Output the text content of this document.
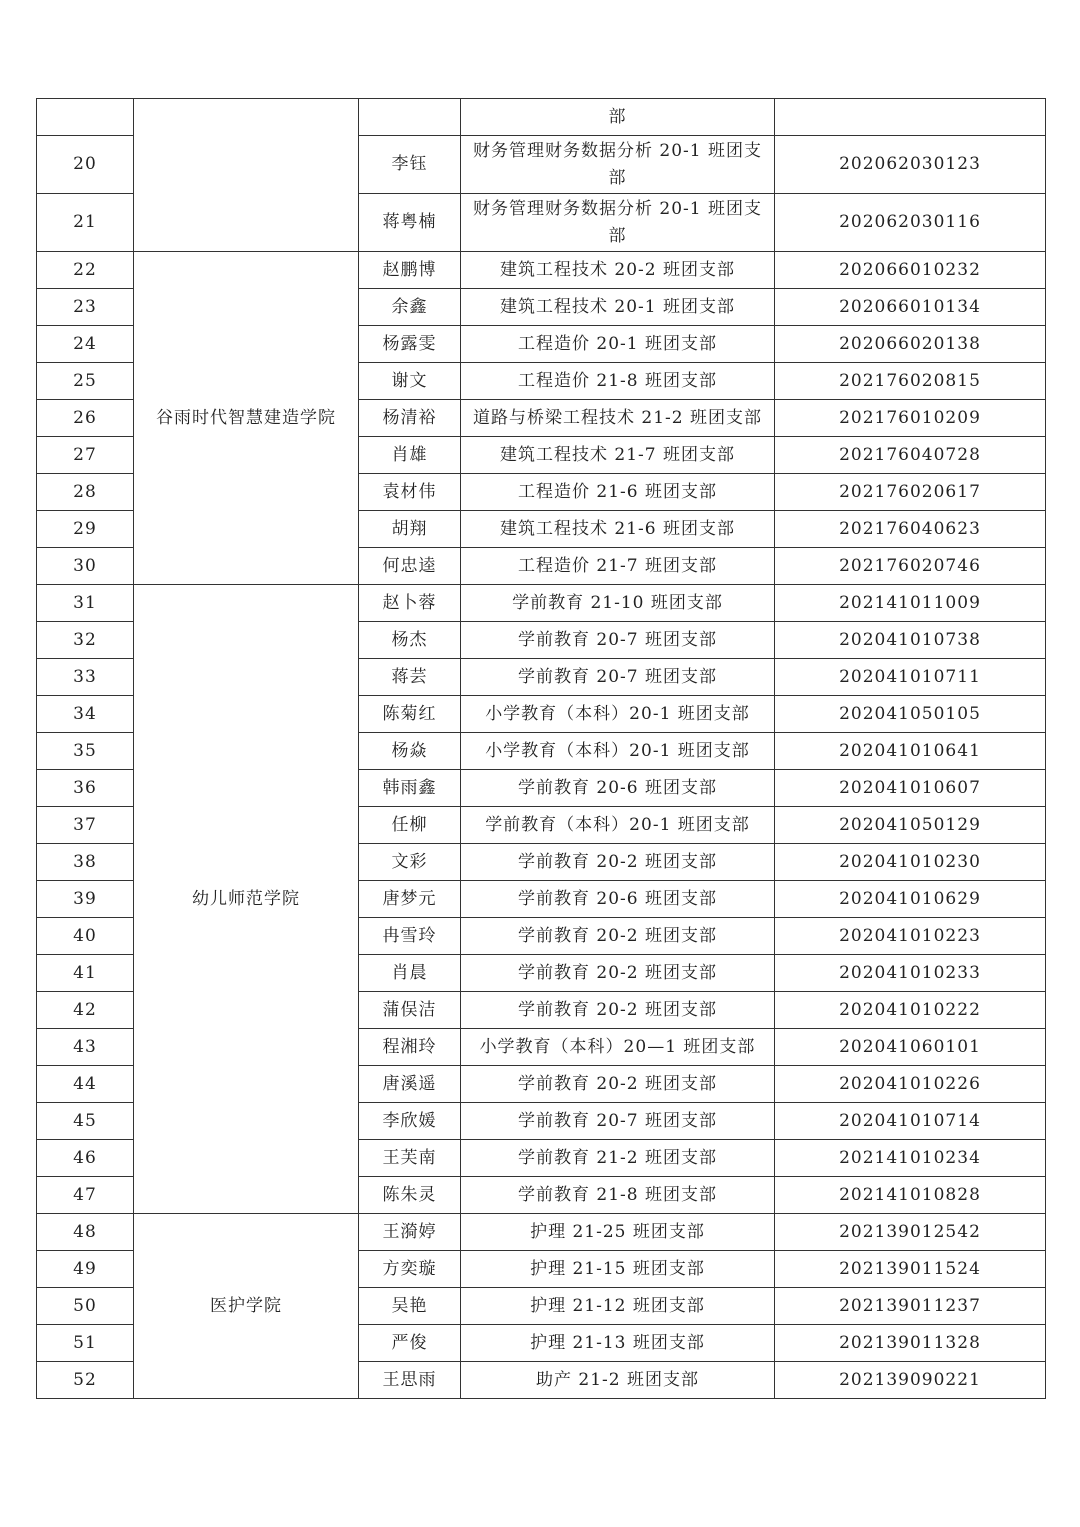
			部	
20		李钰	财务管理财务数据分析 20-1 班团支部	202062030123
21		蒋粤楠	财务管理财务数据分析 20-1 班团支部	202062030116
22	谷雨时代智慧建造学院	赵鹏博	建筑工程技术 20-2 班团支部	202066010232
23		余鑫	建筑工程技术 20-1 班团支部	202066010134
24		杨露雯	工程造价 20-1 班团支部	202066020138
25		谢文	工程造价 21-8 班团支部	202176020815
26		杨清裕	道路与桥梁工程技术 21-2 班团支部	202176010209
27		肖雄	建筑工程技术 21-7 班团支部	202176040728
28		袁材伟	工程造价 21-6 班团支部	202176020617
29		胡翔	建筑工程技术 21-6 班团支部	202176040623
30		何忠逵	工程造价 21-7 班团支部	202176020746
31	幼儿师范学院	赵卜蓉	学前教育 21-10 班团支部	202141011009
32		杨杰	学前教育 20-7 班团支部	202041010738
33		蒋芸	学前教育 20-7 班团支部	202041010711
34		陈菊红	小学教育（本科）20-1 班团支部	202041050105
35		杨焱	小学教育（本科）20-1 班团支部	202041010641
36		韩雨鑫	学前教育 20-6 班团支部	202041010607
37		任柳	学前教育（本科）20-1 班团支部	202041050129
38		文彩	学前教育 20-2 班团支部	202041010230
39		唐梦元	学前教育 20-6 班团支部	202041010629
40		冉雪玲	学前教育 20-2 班团支部	202041010223
41		肖晨	学前教育 20-2 班团支部	202041010233
42		蒲俣洁	学前教育 20-2 班团支部	202041010222
43		程湘玲	小学教育（本科）20—1 班团支部	202041060101
44		唐溪遥	学前教育 20-2 班团支部	202041010226
45		李欣媛	学前教育 20-7 班团支部	202041010714
46		王芙南	学前教育 21-2 班团支部	202141010234
47		陈朱灵	学前教育 21-8 班团支部	202141010828
48	医护学院	王漪婷	护理 21-25 班团支部	202139012542
49		方奕璇	护理 21-15 班团支部	202139011524
50		吴艳	护理 21-12 班团支部	202139011237
51		严俊	护理 21-13 班团支部	202139011328
52		王思雨	助产 21-2 班团支部	202139090221
